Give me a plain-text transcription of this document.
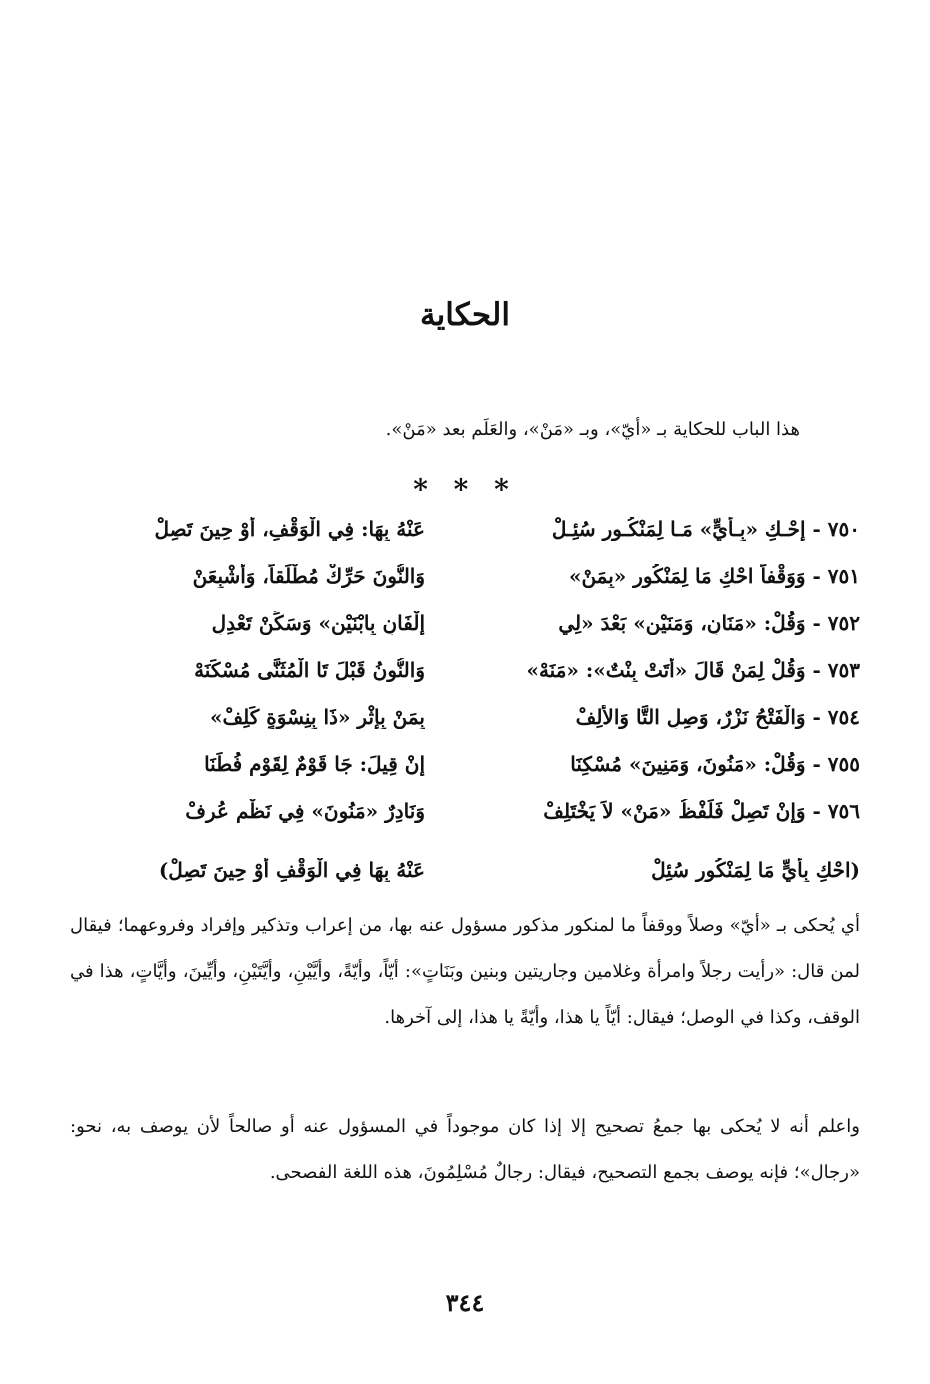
الحكاية
هذا الباب للحكاية بـ «أيّ»، وبـ «مَنْ»، والعَلَم بعد «مَنْ».
* * *
٧٥٠ - إحْـكِ «بِـأَيٍّ» مَـا لِمَنْكُـورٍ سُئِـلْ
عَنْهُ بِهَا: فِي الْوَقْفِ، أَوْ حِينَ تَصِلْ
٧٥١ - وَوَقْفاً احْكِ مَا لِمَنْكُورٍ «بِمَنْ»
وَالنُّونَ حَرِّكْ مُطْلَقاً، وَأَشْبِعَنْ
٧٥٢ - وَقُلْ: «مَنَانِ، وَمَنَيْنِ» بَعْدَ «لِي
إِلْفَانِ بِابْنَيْنِ» وَسَكِّنْ تَعْدِلِ
٧٥٣ - وَقُلْ لِمَنْ قَالَ «أَتَتْ بِنْتٌ»: «مَنَهْ»
وَالنُّونُ قَبْلَ تَا الْمُثَنَّى مُسْكَنَهْ
٧٥٤ - وَالْفَتْحُ نَزْرٌ، وَصِلِ التَّا وَالأَلِفْ
بِمَنْ بِإِثْرِ «ذَا بِنِسْوَةٍ كَلِفْ»
٧٥٥ - وَقُلْ: «مَنُونَ، وَمَنِينَ» مُسْكِنَا
إِنْ قِيلَ: جَا قَوْمٌ لِقَوْمٍ فُطَنَا
٧٥٦ - وَإِنْ تَصِلْ فَلَفْظُ «مَنْ» لاَ يَخْتَلِفْ
وَنَادِرٌ «مَنُونَ» فِي نَظْمٍ عُرِفْ
(احْكِ بِأَيٍّ مَا لِمَنْكُورٍ سُئِلْ
عَنْهُ بِهَا فِي الْوَقْفِ أَوْ حِينَ تَصِلْ)
أي يُحكى بـ «أيّ» وصلاً ووقفاً ما لمنكور مذكور مسؤول عنه بها، من إعراب وتذكير وإفراد وفروعهما؛ فيقال لمن قال: «رأيت رجلاً وامرأة وغلامين وجاريتين وبنين وبَنَاتٍ»: أيّاً، وأيّةً، وأيَّيْنِ، وأيَّتَيْنِ، وأيِّينَ، وأيَّاتٍ، هذا في الوقف، وكذا في الوصل؛ فيقال: أيّاً يا هذا، وأيّةً يا هذا، إلى آخرها.
واعلم أنه لا يُحكى بها جمعُ تصحيح إلا إذا كان موجوداً في المسؤول عنه أو صالحاً لأن يوصف به، نحو: «رجال»؛ فإنه يوصف بجمع التصحيح، فيقال: رجالٌ مُسْلِمُونَ، هذه اللغة الفصحى.
٣٤٤
